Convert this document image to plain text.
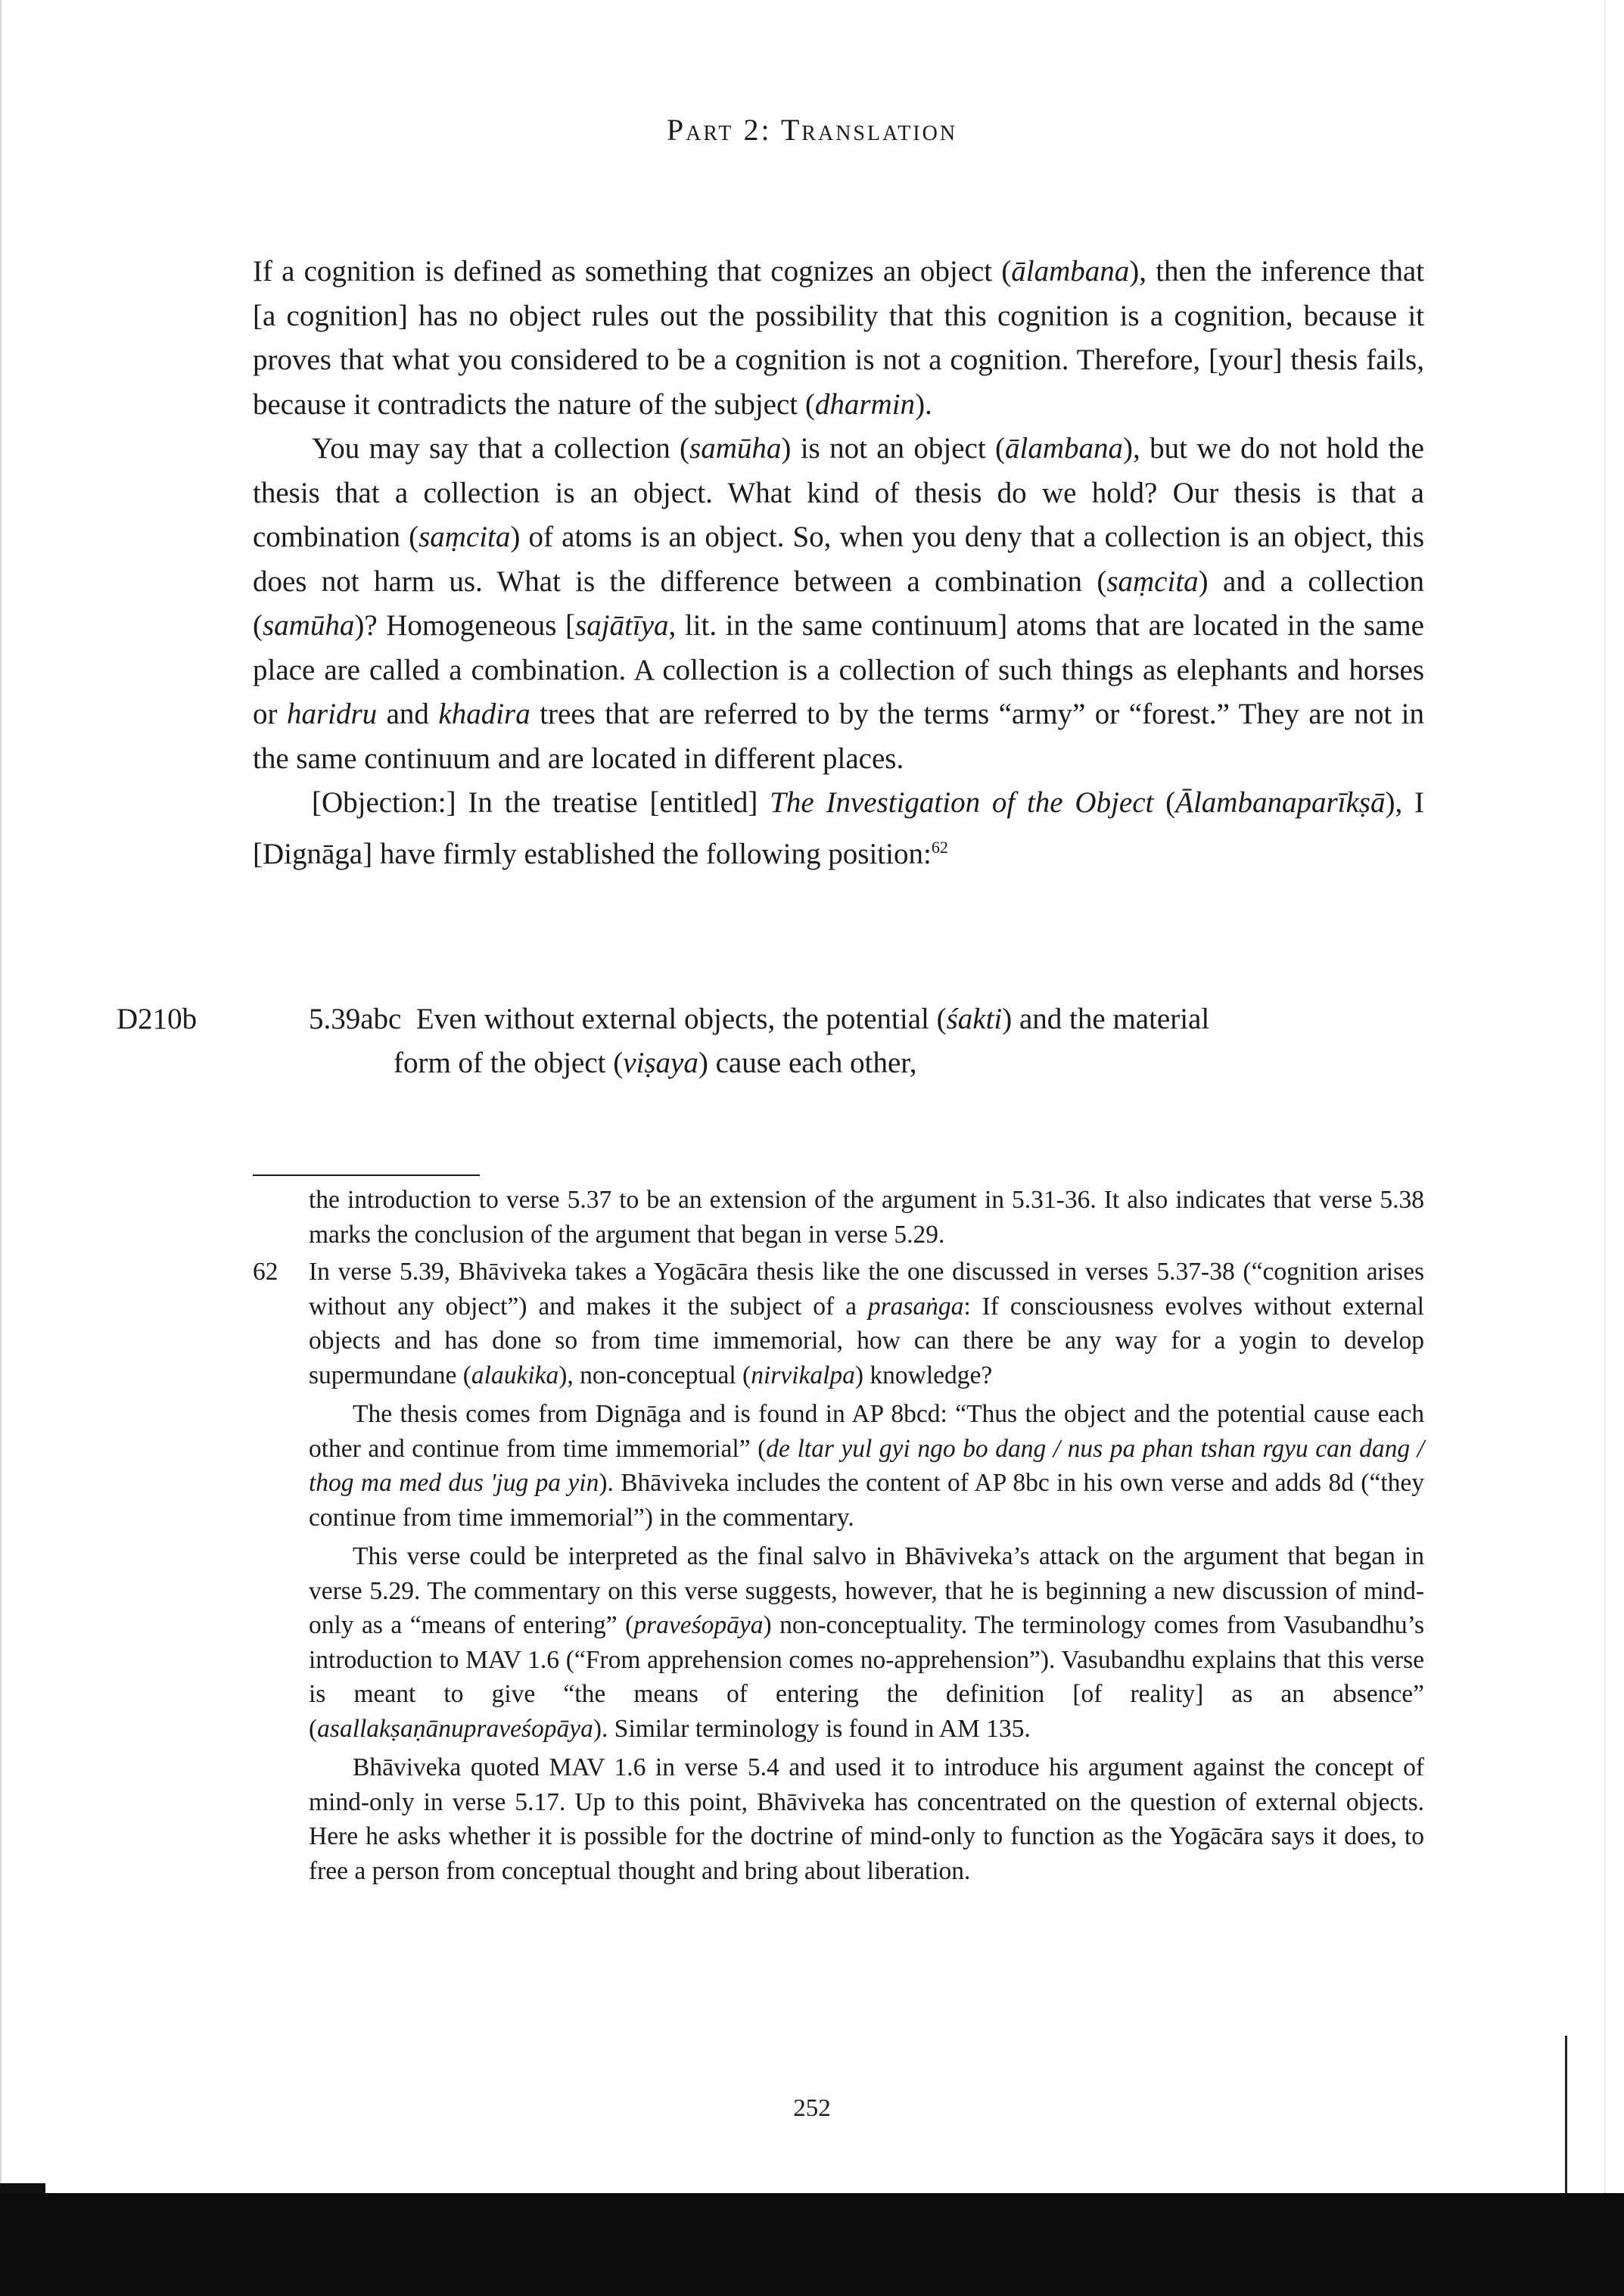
Part 2: Translation

If a cognition is defined as something that cognizes an object (ālambana), then the inference that [a cognition] has no object rules out the possibility that this cognition is a cognition, because it proves that what you considered to be a cognition is not a cognition. Therefore, [your] thesis fails, because it contradicts the nature of the subject (dharmin).

You may say that a collection (samūha) is not an object (ālambana), but we do not hold the thesis that a collection is an object. What kind of thesis do we hold? Our thesis is that a combination (saṃcita) of atoms is an object. So, when you deny that a collection is an object, this does not harm us. What is the difference between a combination (saṃcita) and a collection (samūha)? Homogeneous [sajātīya, lit. in the same continuum] atoms that are located in the same place are called a combination. A collection is a collection of such things as elephants and horses or haridru and khadira trees that are referred to by the terms “army” or “forest.” They are not in the same continuum and are located in different places.

[Objection:] In the treatise [entitled] The Investigation of the Object (Ālambanaparīkṣā), I [Dignāga] have firmly established the following position:$^{62}$

D210b	5.39abc  Even without external objects, the potential (śakti) and the material
form of the object (viṣaya) cause each other,

the introduction to verse 5.37 to be an extension of the argument in 5.31-36. It also indicates that verse 5.38 marks the conclusion of the argument that began in verse 5.29.

62 In verse 5.39, Bhāviveka takes a Yogācāra thesis like the one discussed in verses 5.37-38 (“cognition arises without any object”) and makes it the subject of a prasaṅga: If consciousness evolves without external objects and has done so from time immemorial, how can there be any way for a yogin to develop supermundane (alaukika), non-conceptual (nirvikalpa) knowledge?

The thesis comes from Dignāga and is found in AP 8bcd: “Thus the object and the potential cause each other and continue from time immemorial” (de ltar yul gyi ngo bo dang / nus pa phan tshan rgyu can dang / thog ma med dus 'jug pa yin). Bhāviveka includes the content of AP 8bc in his own verse and adds 8d (“they continue from time immemorial”) in the commentary.

This verse could be interpreted as the final salvo in Bhāviveka’s attack on the argument that began in verse 5.29. The commentary on this verse suggests, however, that he is beginning a new discussion of mind-only as a “means of entering” (praveśopāya) non-conceptuality. The terminology comes from Vasubandhu’s introduction to MAV 1.6 (“From apprehension comes no-apprehension”). Vasubandhu explains that this verse is meant to give “the means of entering the definition [of reality] as an absence” (asallakṣaṇānupraveśopāya). Similar terminology is found in AM 135.

Bhāviveka quoted MAV 1.6 in verse 5.4 and used it to introduce his argument against the concept of mind-only in verse 5.17. Up to this point, Bhāviveka has concentrated on the question of external objects. Here he asks whether it is possible for the doctrine of mind-only to function as the Yogācāra says it does, to free a person from conceptual thought and bring about liberation.

252
